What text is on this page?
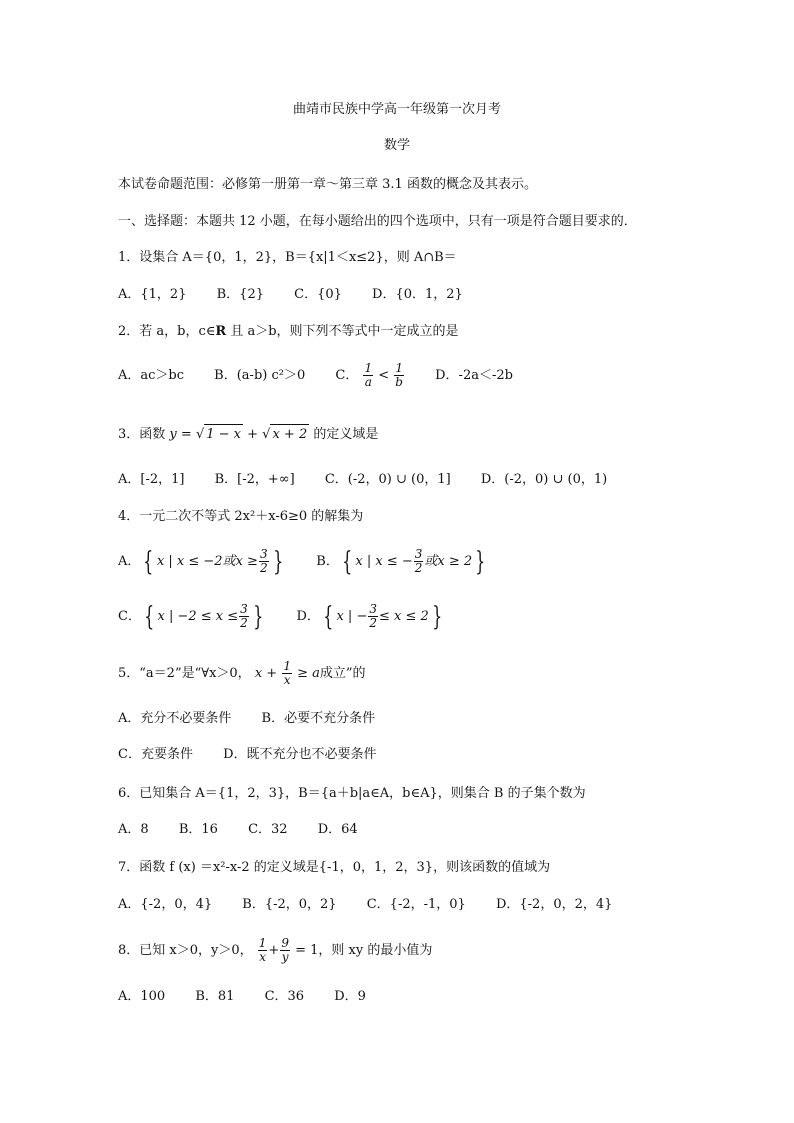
曲靖市民族中学高一年级第一次月考
数学
本试卷命题范围：必修第一册第一章～第三章 3.1 函数的概念及其表示。
一、选择题：本题共 12 小题，在每小题给出的四个选项中，只有一项是符合题目要求的．
1．设集合 A＝{0，1，2}，B＝{x|1＜x≤2}，则 A∩B＝
A．{1，2} B．{2} C．{0} D．{0．1，2}
2．若 a，b，c∈R 且 a＞b，则下列不等式中一定成立的是
A．ac＞bc B．(a-b) c²＞0 C． $\frac{1}{a} < \frac{1}{b}$ D．-2a＜-2b
3．函数 y = √ 1 − x + √ x + 2 的定义域是
A．[-2，1] B．[-2，+∞] C．(-2，0) ∪ (0，1] D．(-2，0) ∪ (0，1)
4．一元二次不等式 2x²＋x-6≥0 的解集为
A． { x | x ≤ −2或$x \ge \frac{3}{2}$ }
	B． { x | x ≤ − $\frac{3}{2}$ 或x ≥ 2 }
C． { x | $-2 \le x \le \frac{3}{2}$ }
	D． { x | − $\frac{3}{2} \le x \le 2$ }
5．“a＝2”是“∀x＞0， $x + \frac{1}{x} \ge a$成立”的
A．充分不必要条件 B．必要不充分条件
C．充要条件 D．既不充分也不必要条件
6．已知集合 A＝{1，2，3}，B＝{a＋b|a∈A，b∈A}，则集合 B 的子集个数为
A．8 B．16 C．32 D．64
7．函数 f (x) ＝x²-x-2 的定义域是{-1，0，1，2，3}，则该函数的值域为
A．{-2，0，4} B．{-2，0，2} C．{-2，-1，0} D．{-2，0，2，4}
8．已知 x＞0，y＞0， $\frac{1}{x} + \frac{9}{y} = 1$，则 xy 的最小值为
A．100 B．81 C．36 D．9
